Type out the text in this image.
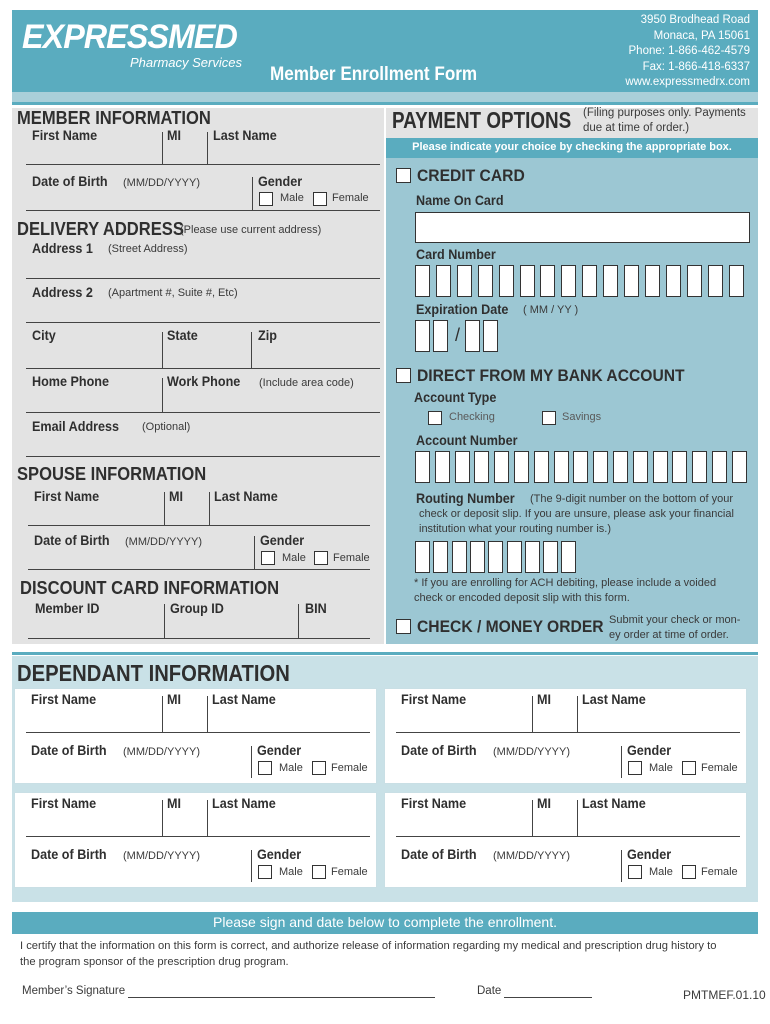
EXPRESSMED
Pharmacy Services
Member Enrollment Form
3950 Brodhead Road
Monaca, PA 15061
Phone: 1-866-462-4579
Fax: 1-866-418-6337
www.expressmedrx.com
MEMBER INFORMATION
First Name	MI Last Name
Date of Birth (MM/DD/YYYY)	Gender
Male	Female
DELIVERY ADDRESS
(Please use current address)
Address 1 (Street Address)
Address 2 (Apartment #, Suite #, Etc)
City	State	Zip
Home Phone	Work Phone (Include area code)
Email Address (Optional)
SPOUSE INFORMATION
First Name	MI Last Name
Date of Birth (MM/DD/YYYY)	Gender
Male Female
DISCOUNT CARD INFORMATION
Member ID	Group ID	BIN
PAYMENT OPTIONS (Filing purposes only. Payments
due at time of order.)
Please indicate your choice by checking the appropriate box.
CREDIT CARD
Name On Card
Card Number
Expiration Date ( MM / YY )
/
DIRECT FROM MY BANK ACCOUNT
Account Type
Checking	Savings
Account Number
Routing Number (The 9-digit number on the bottom of your
check or deposit slip. If you are unsure, please ask your financial
institution what your routing number is.)
* If you are enrolling for ACH debiting, please include a voided
check or encoded deposit slip with this form.
CHECK / MONEY ORDER Submit your check or mon-
ey order at time of order.
DEPENDANT INFORMATION
First Name	MI Last Name
Date of Birth (MM/DD/YYYY)	Gender
Male	Female
First Name	MI Last Name
Date of Birth (MM/DD/YYYY)	Gender
Male	Female
First Name	MI Last Name
Date of Birth (MM/DD/YYYY)	Gender
Male	Female
First Name	MI Last Name
Date of Birth (MM/DD/YYYY)	Gender
Male	Female
Please sign and date below to complete the enrollment.
I certify that the information on this form is correct, and authorize release of information regarding my medical and prescription drug history to
the program sponsor of the prescription drug program.
Member’s Signature	Date	PMTMEF.01.10
